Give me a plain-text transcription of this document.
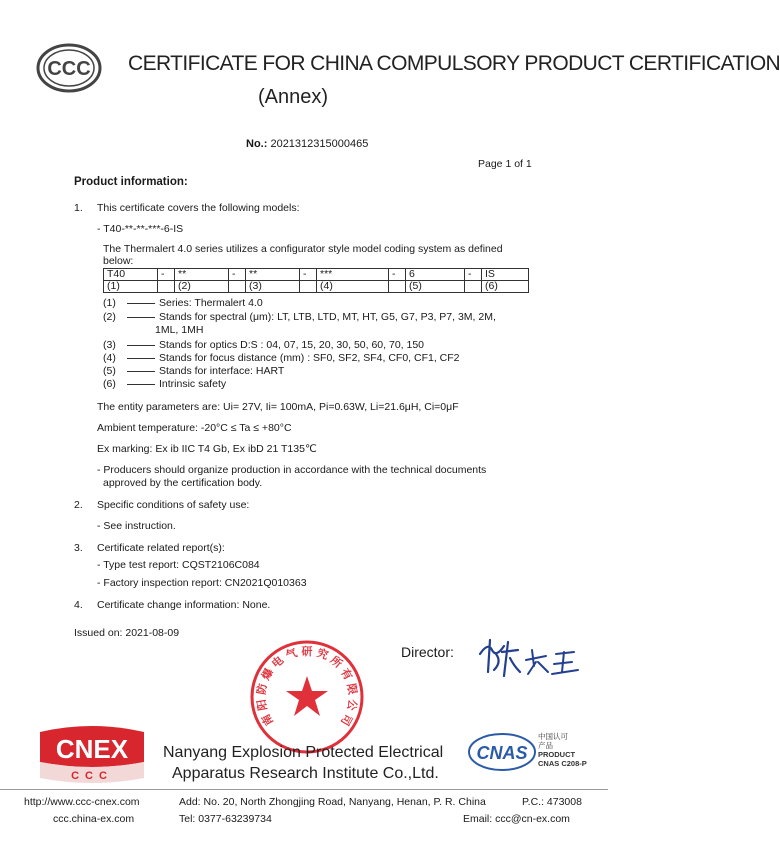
CCC CERTIFICATE FOR CHINA COMPULSORY PRODUCT CERTIFICATION
(Annex)
No.: 2021312315000465
Page 1 of 1
Product information:
1. This certificate covers the following models:
- T40-**-**-***-6-IS
The Thermalert 4.0 series utilizes a configurator style model coding system as defined
below:
T40	-	**	-	**	-	***	-	6	-	IS
(1)		(2)		(3)		(4)		(5)		(6)
(1)	Series: Thermalert 4.0
(2)	Stands for spectral (μm): LT, LTB, LTD, MT, HT, G5, G7, P3, P7, 3M, 2M,
1ML, 1MH
(3)	Stands for optics D:S : 04, 07, 15, 20, 30, 50, 60, 70, 150
(4)	Stands for focus distance (mm) : SF0, SF2, SF4, CF0, CF1, CF2
(5)	Stands for interface: HART
(6)	Intrinsic safety
The entity parameters are: Ui= 27V, Ii= 100mA, Pi=0.63W, Li=21.6μH, Ci=0μF
Ambient temperature: -20°C ≤ Ta ≤ +80°C
Ex marking: Ex ib IIC T4 Gb, Ex ibD 21 T135℃
- Producers should organize production in accordance with the technical documents
approved by the certification body.
2. Specific conditions of safety use:
- See instruction.
3. Certificate related report(s):
- Type test report: CQST2106C084
- Factory inspection report: CN2021Q010363
4. Certificate change information: None.
Issued on: 2021-08-09
Director:
南
阳
防
爆
电
气 研 究
所
有
限
公
司
CNEX
CCC
Nanyang Explosion Protected Electrical
Apparatus Research Institute Co.,Ltd.
CNAS
中国认可
产品
PRODUCT
CNAS C208-P
http://www.ccc-cnex.com
ccc.china-ex.com
Add: No. 20, North Zhongjing Road, Nanyang, Henan, P. R. China
Tel: 0377-63239734
P.C.: 473008
Email: ccc@cn-ex.com
